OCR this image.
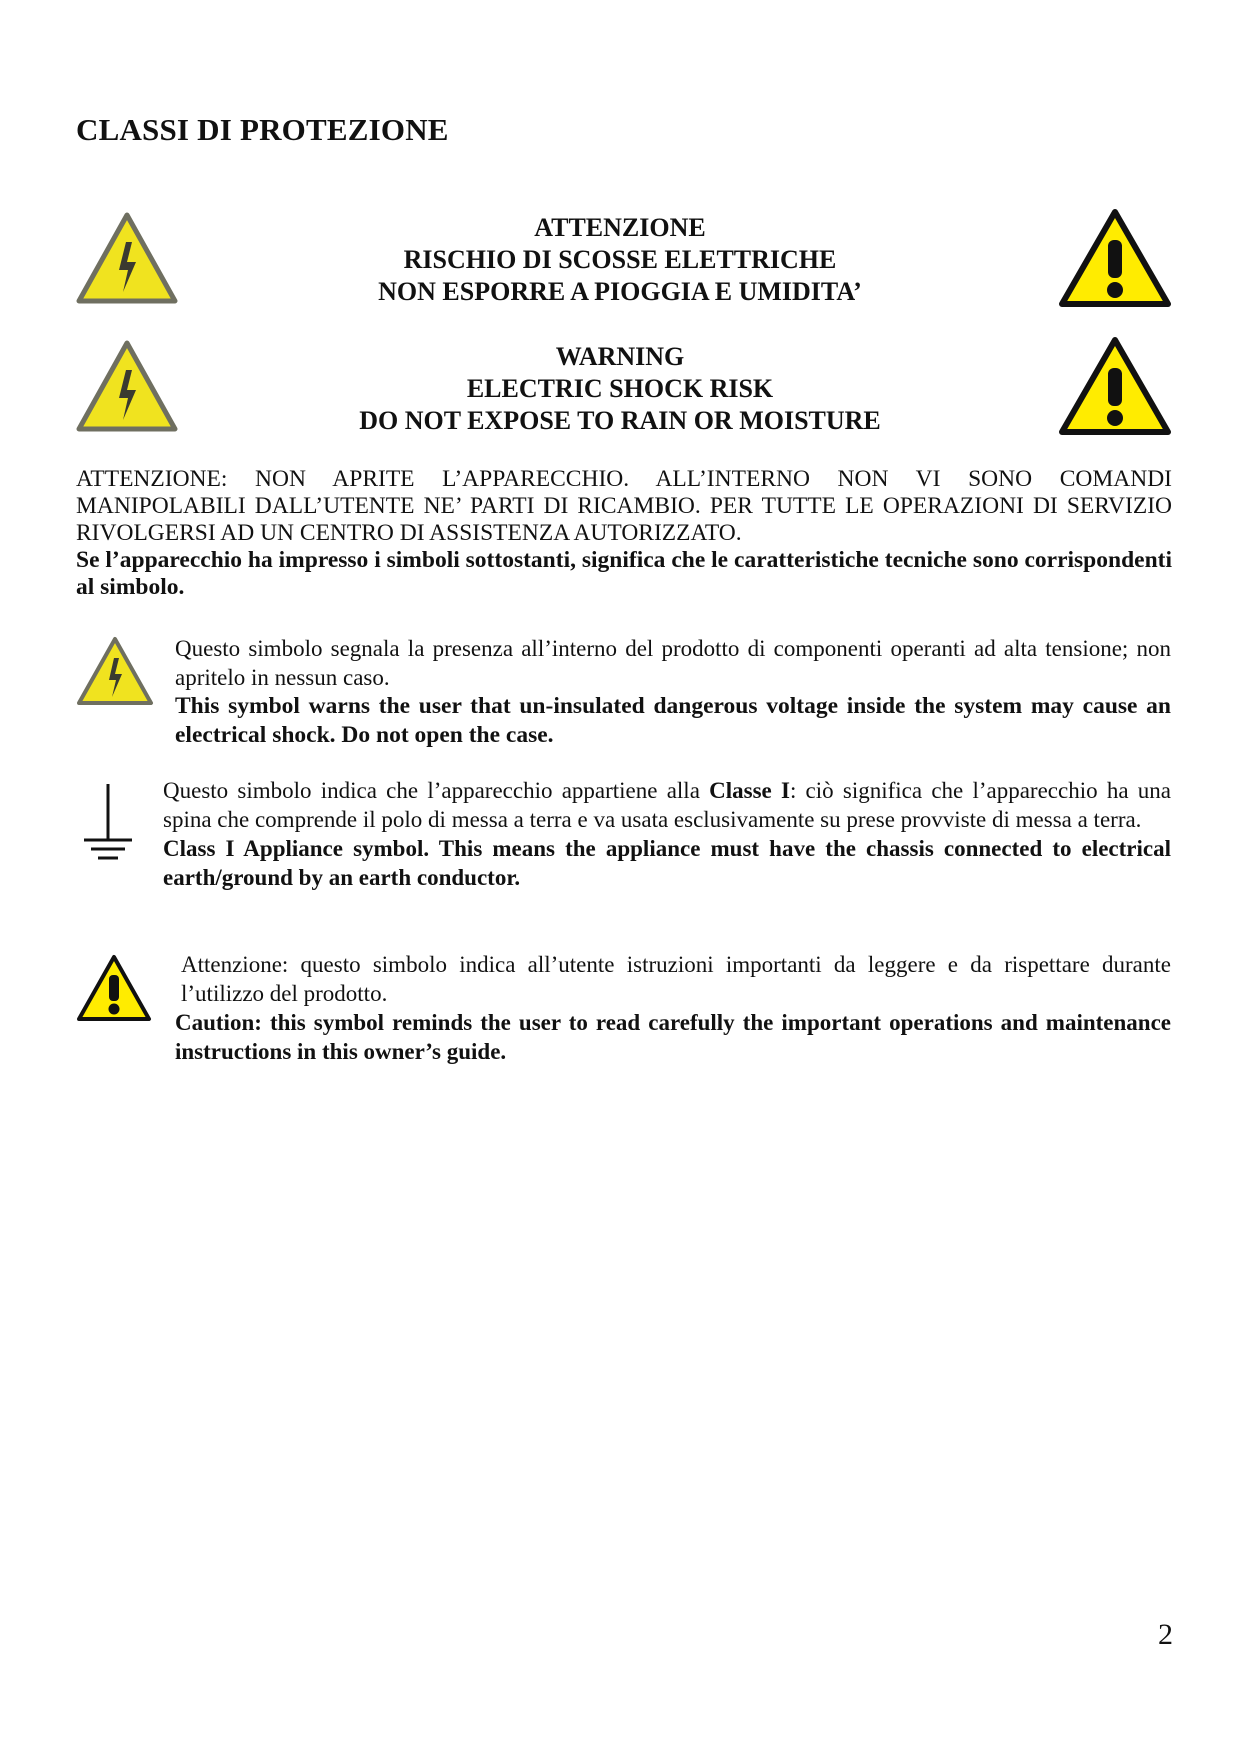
CLASSI DI PROTEZIONE
ATTENZIONE
RISCHIO DI SCOSSE ELETTRICHE
NON ESPORRE A PIOGGIA E UMIDITA’
WARNING
ELECTRIC SHOCK RISK
DO NOT EXPOSE TO RAIN OR MOISTURE

ATTENZIONE: NON APRITE L’APPARECCHIO. ALL’INTERNO NON VI SONO COMANDI MANIPOLABILI DALL’UTENTE NE’ PARTI DI RICAMBIO. PER TUTTE LE OPERAZIONI DI SERVIZIO RIVOLGERSI AD UN CENTRO DI ASSISTENZA AUTORIZZATO.

Se l’apparecchio ha impresso i simboli sottostanti, significa che le caratteristiche tecniche sono corrispondenti al simbolo.

Questo simbolo segnala la presenza all’interno del prodotto di componenti operanti ad alta tensione; non apritelo in nessun caso.

This symbol warns the user that un-insulated dangerous voltage inside the system may cause an electrical shock. Do not open the case.

Questo simbolo indica che l’apparecchio appartiene alla Classe I: ciò significa che l’apparecchio ha una spina che comprende il polo di messa a terra e va usata esclusivamente su prese provviste di messa a terra.

Class I Appliance symbol. This means the appliance must have the chassis connected to electrical earth/ground by an earth conductor.

Attenzione: questo simbolo indica all’utente istruzioni importanti da leggere e da rispettare durante l’utilizzo del prodotto.

Caution: this symbol reminds the user to read carefully the important operations and maintenance instructions in this owner’s guide.

2
